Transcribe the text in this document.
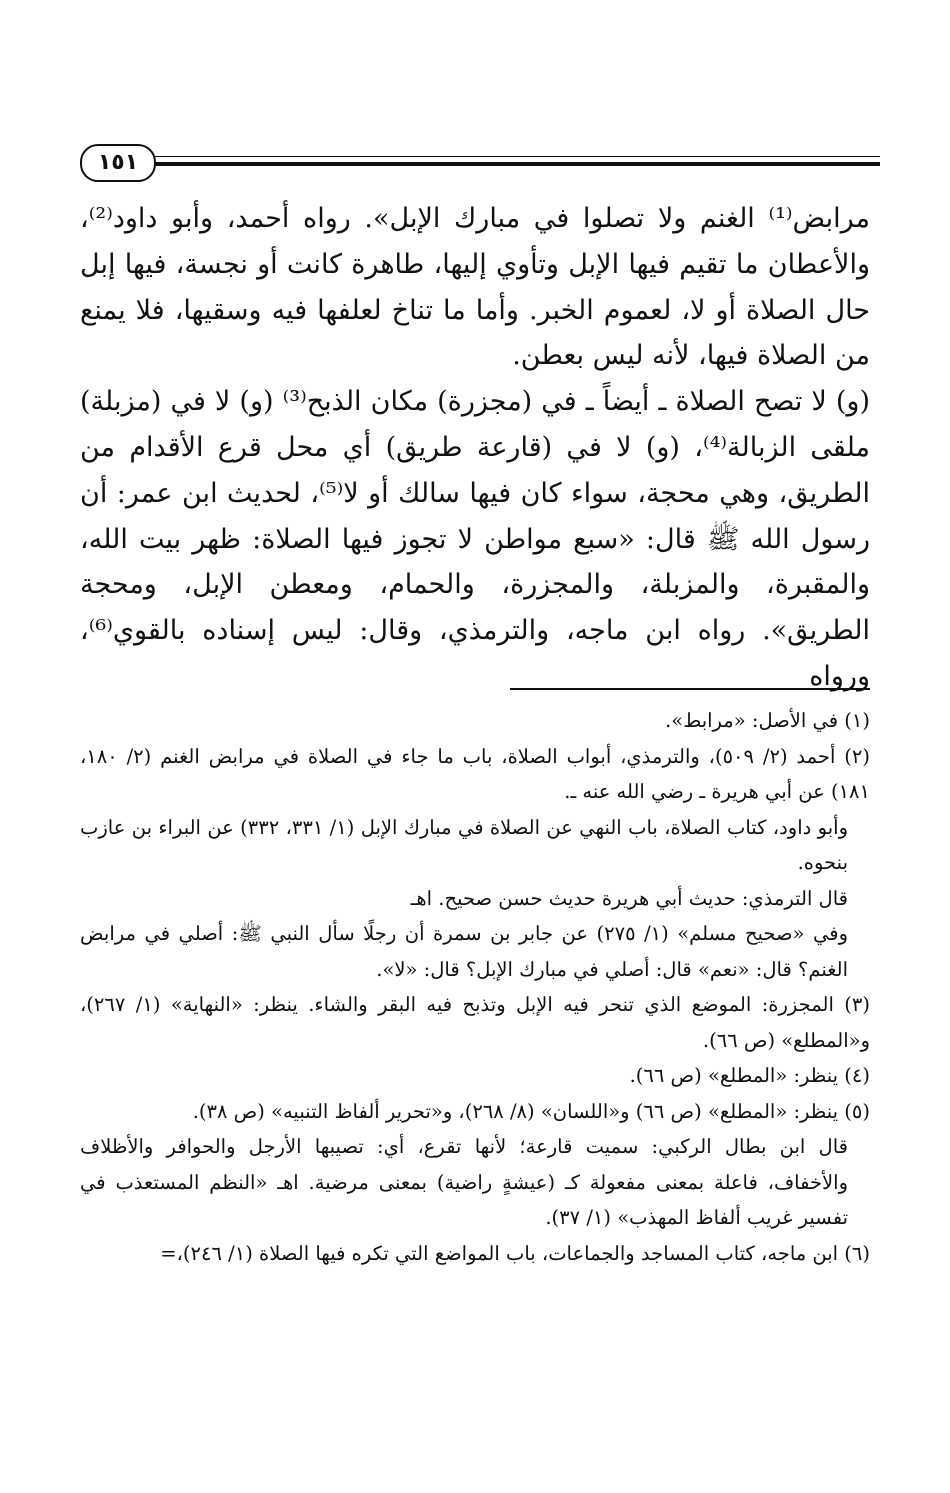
١٥١

مرابض⁽¹⁾ الغنم ولا تصلوا في مبارك الإبل». رواه أحمد، وأبو داود⁽²⁾، والأعطان ما تقيم فيها الإبل وتأوي إليها، طاهرة كانت أو نجسة، فيها إبل حال الصلاة أو لا، لعموم الخبر. وأما ما تناخ لعلفها فيه وسقيها، فلا يمنع من الصلاة فيها، لأنه ليس بعطن.

(و) لا تصح الصلاة ـ أيضاً ـ في (مجزرة) مكان الذبح⁽³⁾ (و) لا في (مزبلة) ملقى الزبالة⁽⁴⁾، (و) لا في (قارعة طريق) أي محل قرع الأقدام من الطريق، وهي محجة، سواء كان فيها سالك أو لا⁽⁵⁾، لحديث ابن عمر: أن رسول الله ﷺ قال: «سبع مواطن لا تجوز فيها الصلاة: ظهر بيت الله، والمقبرة، والمزبلة، والمجزرة، والحمام، ومعطن الإبل، ومحجة الطريق». رواه ابن ماجه، والترمذي، وقال: ليس إسناده بالقوي⁽⁶⁾، ورواه

(١) في الأصل: «مرابط».

(٢) أحمد (٢/ ٥٠٩)، والترمذي، أبواب الصلاة، باب ما جاء في الصلاة في مرابض الغنم (٢/ ١٨٠، ١٨١) عن أبي هريرة ـ رضي الله عنه ـ.

وأبو داود، كتاب الصلاة، باب النهي عن الصلاة في مبارك الإبل (١/ ٣٣١، ٣٣٢) عن البراء بن عازب بنحوه.

قال الترمذي: حديث أبي هريرة حديث حسن صحيح. اهـ

وفي «صحيح مسلم» (١/ ٢٧٥) عن جابر بن سمرة أن رجلًا سأل النبي ﷺ: أصلي في مرابض الغنم؟ قال: «نعم» قال: أصلي في مبارك الإبل؟ قال: «لا».

(٣) المجزرة: الموضع الذي تنحر فيه الإبل وتذبح فيه البقر والشاء. ينظر: «النهاية» (١/ ٢٦٧)، و«المطلع» (ص ٦٦).

(٤) ينظر: «المطلع» (ص ٦٦).

(٥) ينظر: «المطلع» (ص ٦٦) و«اللسان» (٨/ ٢٦٨)، و«تحرير ألفاظ التنبيه» (ص ٣٨).

قال ابن بطال الركبي: سميت قارعة؛ لأنها تقرع، أي: تصيبها الأرجل والحوافر والأظلاف والأخفاف، فاعلة بمعنى مفعولة كـ (عيشةٍ راضية) بمعنى مرضية. اهـ «النظم المستعذب في تفسير غريب ألفاظ المهذب» (١/ ٣٧).

(٦) ابن ماجه، كتاب المساجد والجماعات، باب المواضع التي تكره فيها الصلاة (١/ ٢٤٦)،=
